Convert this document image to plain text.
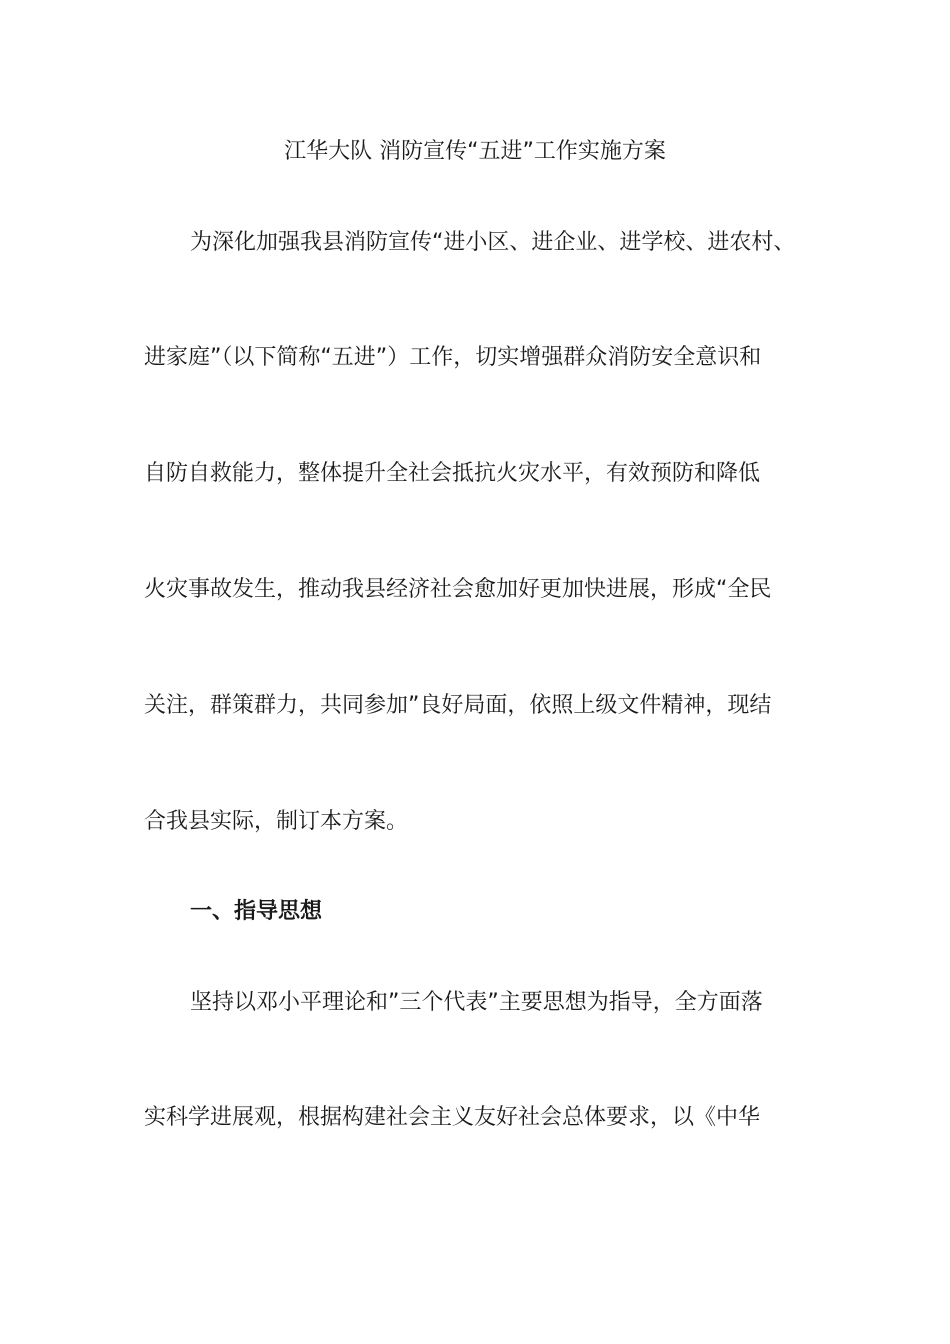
江华大队 消防宣传“五进”工作实施方案
为深化加强我县消防宣传“进小区、进企业、进学校、进农村、
进家庭”（以下简称“五进”）工作，切实增强群众消防安全意识和
自防自救能力，整体提升全社会抵抗火灾水平，有效预防和降低
火灾事故发生，推动我县经济社会愈加好更加快进展，形成“全民
关注，群策群力，共同参加”良好局面，依照上级文件精神，现结
合我县实际，制订本方案。
一、指导思想
坚持以邓小平理论和”三个代表”主要思想为指导，全方面落
实科学进展观，根据构建社会主义友好社会总体要求，以《中华
